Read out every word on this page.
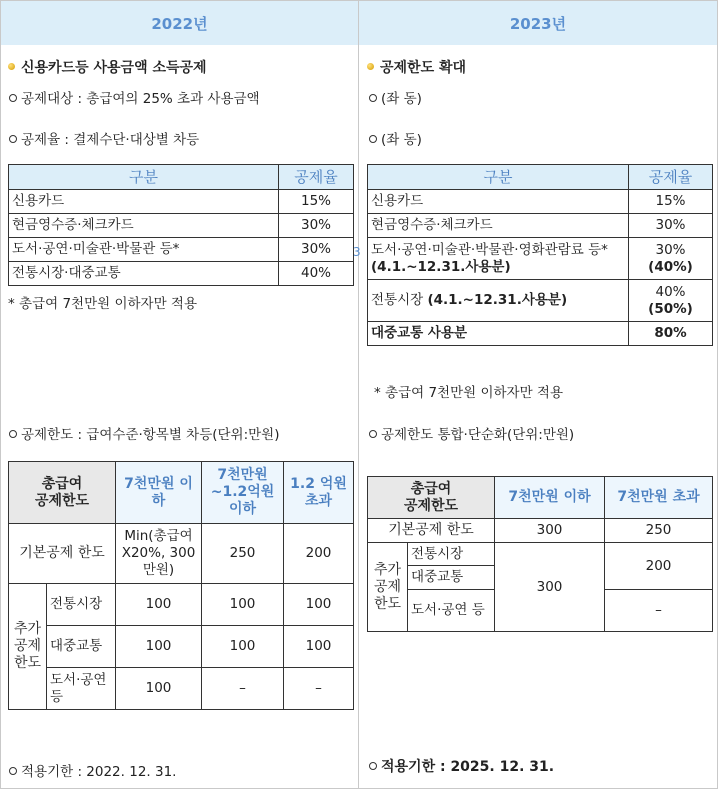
2022년	2023년
3
신용카드등 사용금액 소득공제
공제대상 : 총급여의 25% 초과 사용금액
공제율 : 결제수단·대상별 차등
구분	공제율
신용카드	15%
현금영수증·체크카드	30%
도서·공연·미술관·박물관 등*	30%
전통시장·대중교통	40%
* 총급여 7천만원 이하자만 적용
공제한도 : 급여수준·항목별 차등(단위:만원)
총급여
공제한도		7천만원 이하	7천만원 ~1.2억원 이하	1.2 억원 초과
기본공제 한도		Min(총급여X20%, 300만원)	250	200
추가 공제 한도	전통시장	100	100	100
	대중교통	100	100	100
	도서·공연 등	100	–	–
적용기한 : 2022. 12. 31.
공제한도 확대
(좌 동)
(좌 동)
구분	공제율
신용카드	15%
현금영수증·체크카드	30%
도서·공연·미술관·박물관·영화관람료 등* (4.1.~12.31.사용분)	30%
(40%)

전통시장 (4.1.~12.31.사용분)	40%
(50%)

대중교통 사용분	80%
* 총급여 7천만원 이하자만 적용
공제한도 통합·단순화(단위:만원)
총급여
공제한도		7천만원 이하	7천만원 초과
기본공제 한도		300	250
추가 공제 한도	전통시장	300	200
	대중교통		
	도서·공연 등		–
적용기한 : 2025. 12. 31.
